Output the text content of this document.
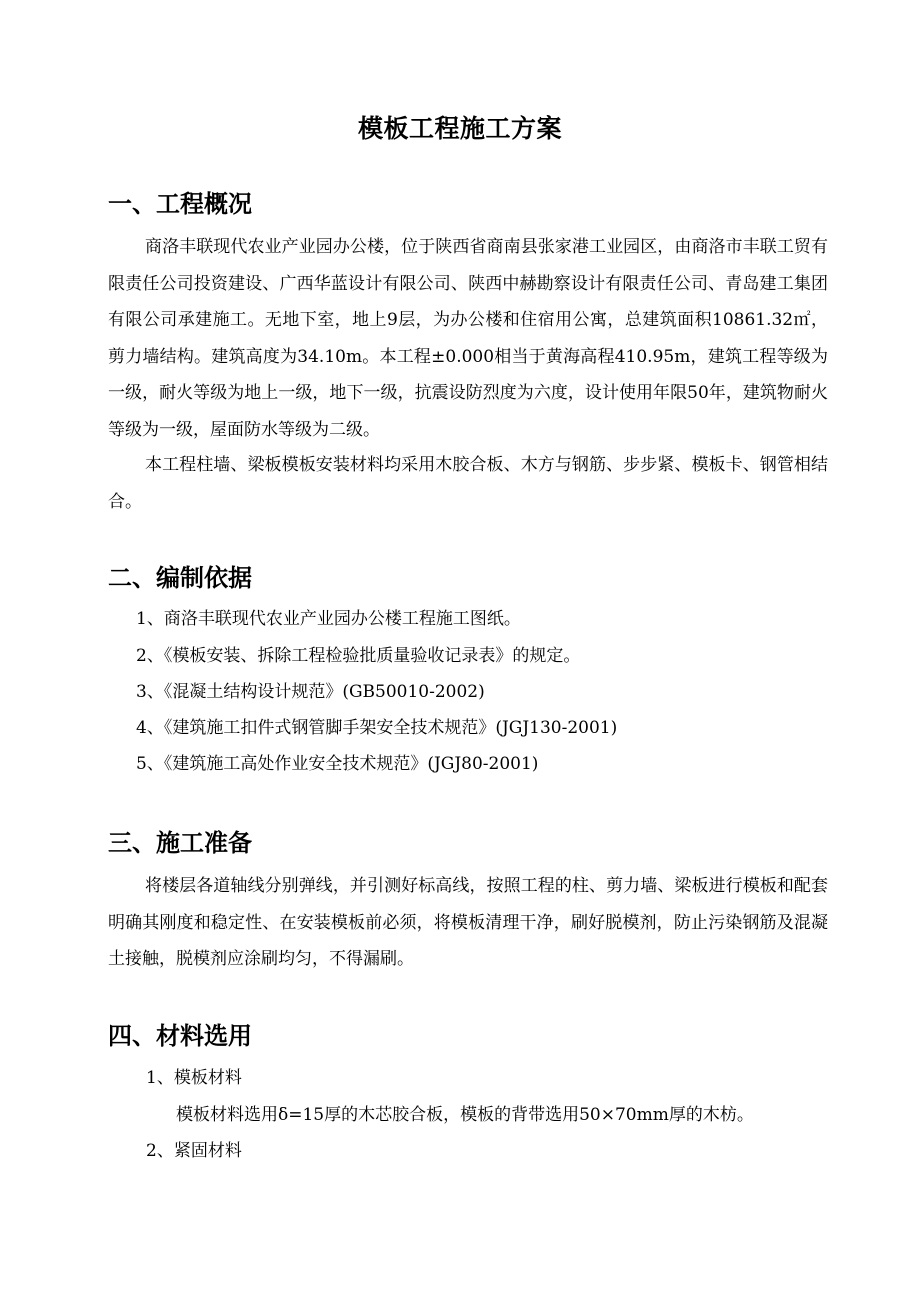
模板工程施工方案
一、工程概况

商洛丰联现代农业产业园办公楼，位于陕西省商南县张家港工业园区，由商洛市丰联工贸有限责任公司投资建设、广西华蓝设计有限公司、陕西中赫勘察设计有限责任公司、青岛建工集团有限公司承建施工。无地下室，地上9层，为办公楼和住宿用公寓，总建筑面积10861.32㎡，剪力墙结构。建筑高度为34.10m。本工程±0.000相当于黄海高程410.95m，建筑工程等级为一级，耐火等级为地上一级，地下一级，抗震设防烈度为六度，设计使用年限50年，建筑物耐火等级为一级，屋面防水等级为二级。

本工程柱墙、梁板模板安装材料均采用木胶合板、木方与钢筋、步步紧、模板卡、钢管相结合。

二、编制依据
1、商洛丰联现代农业产业园办公楼工程施工图纸。
2、《模板安装、拆除工程检验批质量验收记录表》的规定。
3、《混凝土结构设计规范》(GB50010-2002)
4、《建筑施工扣件式钢管脚手架安全技术规范》(JGJ130-2001)
5、《建筑施工高处作业安全技术规范》(JGJ80-2001)
三、施工准备

将楼层各道轴线分别弹线，并引测好标高线，按照工程的柱、剪力墙、梁板进行模板和配套明确其刚度和稳定性、在安装模板前必须，将模板清理干净，刷好脱模剂，防止污染钢筋及混凝土接触，脱模剂应涂刷均匀，不得漏刷。

四、材料选用
1、模板材料
模板材料选用δ=15厚的木芯胶合板，模板的背带选用50×70mm厚的木枋。
2、紧固材料
